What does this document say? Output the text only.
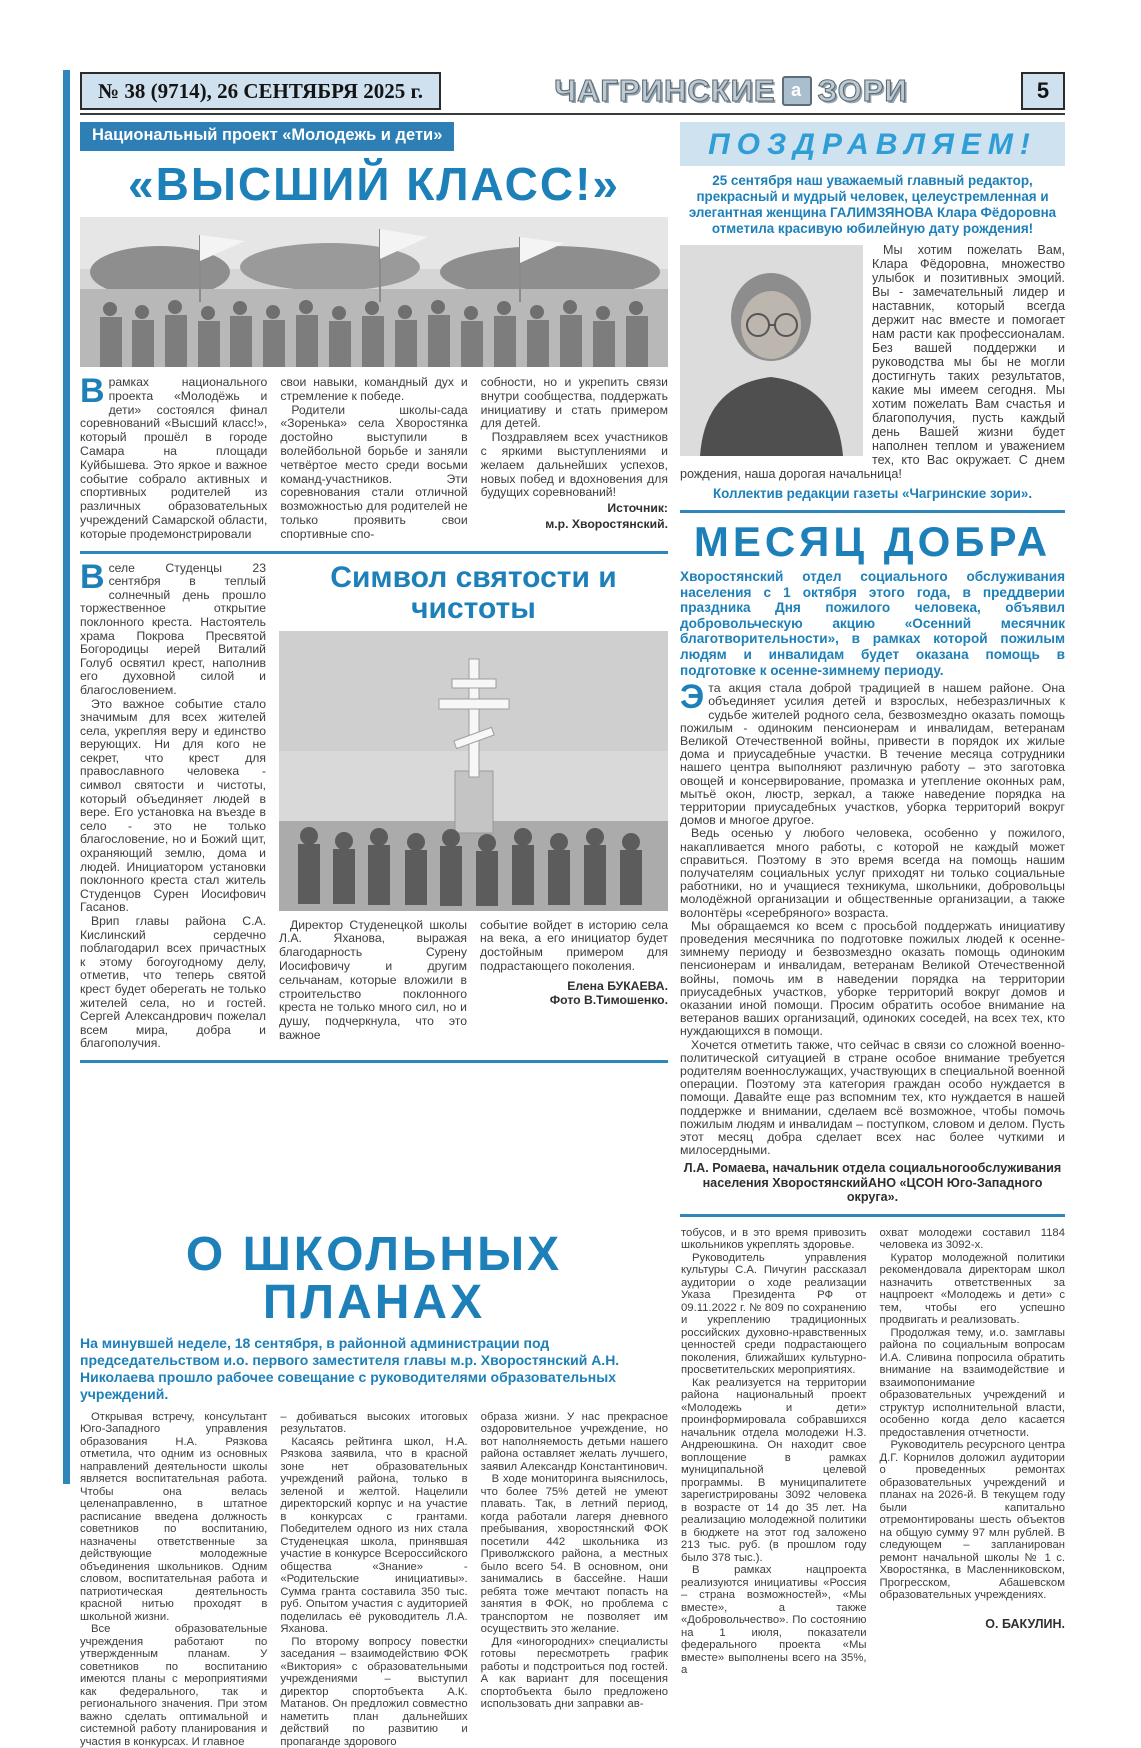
№ 38 (9714), 26 СЕНТЯБРЯ 2025 г.	ЧАГРИНСКИЕ а ЗОРИ	5
Национальный проект «Молодежь и дети»
«ВЫСШИЙ КЛАСС!»

Врамках национального проекта «Молодёжь и дети» состоялся финал соревнований «Высший класс!», который прошёл в городе Самара на площади Куйбышева. Это яркое и важное событие собрало активных и спортивных родителей из различных образовательных учреждений Самарской области, которые продемонстрировали

свои навыки, командный дух и стремление к победе.

Родители школы-сада «Зоренька» села Хворостянка достойно выступили в волейбольной борьбе и заняли четвёртое место среди восьми команд-участников. Эти соревнования стали отличной возможностью для родителей не только проявить свои спортивные спо-

собности, но и укрепить связи внутри сообщества, поддержать инициативу и стать примером для детей.

Поздравляем всех участников с яркими выступлениями и желаем дальнейших успехов, новых побед и вдохновения для будущих соревнований!

Источник:

м.р. Хворостянский.

Вселе Студенцы 23 сентября в теплый солнечный день прошло торжественное открытие поклонного креста. Настоятель храма Покрова Пресвятой Богородицы иерей Виталий Голуб освятил крест, наполнив его духовной силой и благословением.

Это важное событие стало значимым для всех жителей села, укрепляя веру и единство верующих. Ни для кого не секрет, что крест для православного человека - символ святости и чистоты, который объединяет людей в вере. Его установка на въезде в село - это не только благословение, но и Божий щит, охраняющий землю, дома и людей. Инициатором установки поклонного креста стал житель Студенцов Сурен Иосифович Гасанов.

Врип главы района С.А. Кислинский сердечно поблагодарил всех причастных к этому богоугодному делу, отметив, что теперь святой крест будет оберегать не только жителей села, но и гостей. Сергей Александрович пожелал всем мира, добра и благополучия.

Символ святости и чистоты

Директор Студенецкой школы Л.А. Яханова, выражая благодарность Сурену Иосифовичу и другим сельчанам, которые вложили в строительство поклонного креста не только много сил, но и душу, подчеркнула, что это важное

событие войдет в историю села на века, а его инициатор будет достойным примером для подрастающего поколения.

Елена БУКАЕВА.

Фото В.Тимошенко.

ПОЗДРАВЛЯЕМ!
25 сентября наш уважаемый главный редактор, прекрасный и мудрый человек, целеустремленная и элегантная женщина ГАЛИМЗЯНОВА Клара Фёдоровна отметила красивую юбилейную дату рождения!

Мы хотим пожелать Вам, Клара Фёдоровна, множество улыбок и позитивных эмоций. Вы - замечательный лидер и наставник, который всегда держит нас вместе и помогает нам расти как профессионалам. Без вашей поддержки и руководства мы бы не могли достигнуть таких результатов, какие мы имеем сегодня. Мы хотим пожелать Вам счастья и благополучия, пусть каждый день Вашей жизни будет наполнен теплом и уважением тех, кто Вас окружает. С днем рождения, наша дорогая начальница!

Коллектив редакции газеты «Чагринские зори».
МЕСЯЦ ДОБРА
Хворостянский отдел социального обслуживания населения с 1 октября этого года, в преддверии праздника Дня пожилого человека, объявил добровольческую акцию «Осенний месячник благотворительности», в рамках которой пожилым людям и инвалидам будет оказана помощь в подготовке к осенне-зимнему периоду.

Эта акция стала доброй традицией в нашем районе. Она объединяет усилия детей и взрослых, небезразличных к судьбе жителей родного села, безвозмездно оказать помощь пожилым - одиноким пенсионерам и инвалидам, ветеранам Великой Отечественной войны, привести в порядок их жилые дома и приусадебные участки. В течение месяца сотрудники нашего центра выполняют различную работу – это заготовка овощей и консервирование, промазка и утепление оконных рам, мытьё окон, люстр, зеркал, а также наведение порядка на территории приусадебных участков, уборка территорий вокруг домов и многое другое.

Ведь осенью у любого человека, особенно у пожилого, накапливается много работы, с которой не каждый может справиться. Поэтому в это время всегда на помощь нашим получателям социальных услуг приходят ни только социальные работники, но и учащиеся техникума, школьники, добровольцы молодёжной организации и общественные организации, а также волонтёры «серебряного» возраста.

Мы обращаемся ко всем с просьбой поддержать инициативу проведения месячника по подготовке пожилых людей к осенне-зимнему периоду и безвозмездно оказать помощь одиноким пенсионерам и инвалидам, ветеранам Великой Отечественной войны, помочь им в наведении порядка на территории приусадебных участков, уборке территорий вокруг домов и оказании иной помощи. Просим обратить особое внимание на ветеранов ваших организаций, одиноких соседей, на всех тех, кто нуждающихся в помощи.

Хочется отметить также, что сейчас в связи со сложной военно-политической ситуацией в стране особое внимание требуется родителям военнослужащих, участвующих в специальной военной операции. Поэтому эта категория граждан особо нуждается в помощи. Давайте еще раз вспомним тех, кто нуждается в нашей поддержке и внимании, сделаем всё возможное, чтобы помочь пожилым людям и инвалидам – поступком, словом и делом. Пусть этот месяц добра сделает всех нас более чуткими и милосердными.

Л.А. Ромаева, начальник отдела социальногообслуживания населения ХворостянскийАНО «ЦСОН Юго-Западного округа».
О ШКОЛЬНЫХ ПЛАНАХ
На минувшей неделе, 18 сентября, в районной администрации под председательством и.о. первого заместителя главы м.р. Хворостянский А.Н. Николаева прошло рабочее совещание с руководителями образовательных учреждений.

Открывая встречу, консультант Юго-Западного управления образования Н.А. Рязкова отметила, что одним из основных направлений деятельности школы является воспитательная работа. Чтобы она велась целенаправленно, в штатное расписание введена должность советников по воспитанию, назначены ответственные за действующие молодежные объединения школьников. Одним словом, воспитательная работа и патриотическая деятельность красной нитью проходят в школьной жизни.

Все образовательные учреждения работают по утвержденным планам. У советников по воспитанию имеются планы с мероприятиями как федерального, так и регионального значения. При этом важно сделать оптимальной и системной работу планирования и участия в конкурсах. И главное

– добиваться высоких итоговых результатов.

Касаясь рейтинга школ, Н.А. Рязкова заявила, что в красной зоне нет образовательных учреждений района, только в зеленой и желтой. Нацелили директорский корпус и на участие в конкурсах с грантами. Победителем одного из них стала Студенецкая школа, принявшая участие в конкурсе Всероссийского общества «Знание» - «Родительские инициативы». Сумма гранта составила 350 тыс. руб. Опытом участия с аудиторией поделилась её руководитель Л.А. Яханова.

По второму вопросу повестки заседания – взаимодействию ФОК «Виктория» с образовательными учреждениями – выступил директор спортобъекта А.К. Матанов. Он предложил совместно наметить план дальнейших действий по развитию и пропаганде здорового

образа жизни. У нас прекрасное оздоровительное учреждение, но вот наполняемость детьми нашего района оставляет желать лучшего, заявил Александр Константинович.

В ходе мониторинга выяснилось, что более 75% детей не умеют плавать. Так, в летний период, когда работали лагеря дневного пребывания, хворостянский ФОК посетили 442 школьника из Приволжского района, а местных было всего 54. В основном, они занимались в бассейне. Наши ребята тоже мечтают попасть на занятия в ФОК, но проблема с транспортом не позволяет им осуществить это желание.

Для «иногородних» специалисты готовы пересмотреть график работы и подстроиться под гостей. А как вариант для посещения спортобъекта было предложено использовать дни заправки ав-

тобусов, и в это время привозить школьников укреплять здоровье.

Руководитель управления культуры С.А. Пичугин рассказал аудитории о ходе реализации Указа Президента РФ от 09.11.2022 г. № 809 по сохранению и укреплению традиционных российских духовно-нравственных ценностей среди подрастающего поколения, ближайших культурно-просветительских мероприятиях.

Как реализуется на территории района национальный проект «Молодежь и дети» проинформировала собравшихся начальник отдела молодежи Н.З. Андреюшкина. Он находит свое воплощение в рамках муниципальной целевой программы. В муниципалитете зарегистрированы 3092 человека в возрасте от 14 до 35 лет. На реализацию молодежной политики в бюджете на этот год заложено 213 тыс. руб. (в прошлом году было 378 тыс.).

В рамках нацпроекта реализуются инициативы «Россия – страна возможностей», «Мы вместе», а также «Добровольчество». По состоянию на 1 июля, показатели федерального проекта «Мы вместе» выполнены всего на 35%, а

охват молодежи составил 1184 человека из 3092-х.

Куратор молодежной политики рекомендовала директорам школ назначить ответственных за нацпроект «Молодежь и дети» с тем, чтобы его успешно продвигать и реализовать.

Продолжая тему, и.о. замглавы района по социальным вопросам И.А. Сливина попросила обратить внимание на взаимодействие и взаимопонимание образовательных учреждений и структур исполнительной власти, особенно когда дело касается предоставления отчетности.

Руководитель ресурсного центра Д.Г. Корнилов доложил аудитории о проведенных ремонтах образовательных учреждений и планах на 2026-й. В текущем году были капитально отремонтированы шесть объектов на общую сумму 97 млн рублей. В следующем – запланирован ремонт начальной школы № 1 с. Хворостянка, в Масленниковском, Прогресском, Абашевском образовательных учреждениях.

О. БАКУЛИН.
